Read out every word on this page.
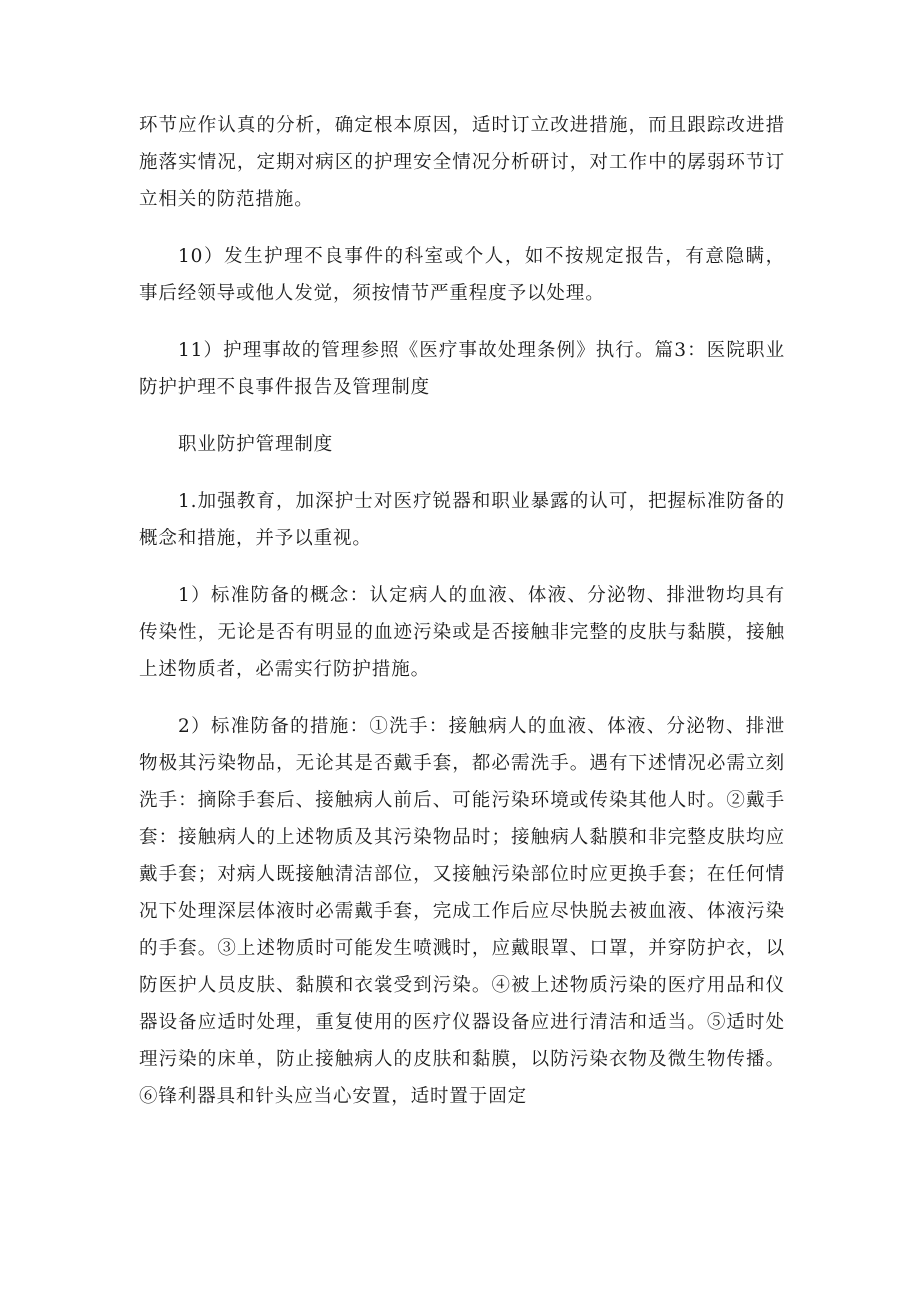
环节应作认真的分析，确定根本原因，适时订立改进措施，而且跟踪改进措施落实情况，定期对病区的护理安全情况分析研讨，对工作中的孱弱环节订立相关的防范措施。

10）发生护理不良事件的科室或个人，如不按规定报告，有意隐瞒，事后经领导或他人发觉，须按情节严重程度予以处理。

11）护理事故的管理参照《医疗事故处理条例》执行。篇3：医院职业防护护理不良事件报告及管理制度

职业防护管理制度

1.加强教育，加深护士对医疗锐器和职业暴露的认可，把握标准防备的概念和措施，并予以重视。

1）标准防备的概念：认定病人的血液、体液、分泌物、排泄物均具有传染性，无论是否有明显的血迹污染或是否接触非完整的皮肤与黏膜，接触上述物质者，必需实行防护措施。

2）标准防备的措施：①洗手：接触病人的血液、体液、分泌物、排泄物极其污染物品，无论其是否戴手套，都必需洗手。遇有下述情况必需立刻洗手：摘除手套后、接触病人前后、可能污染环境或传染其他人时。②戴手套：接触病人的上述物质及其污染物品时；接触病人黏膜和非完整皮肤均应戴手套；对病人既接触清洁部位，又接触污染部位时应更换手套；在任何情况下处理深层体液时必需戴手套，完成工作后应尽快脱去被血液、体液污染的手套。③上述物质时可能发生喷溅时，应戴眼罩、口罩，并穿防护衣，以防医护人员皮肤、黏膜和衣裳受到污染。④被上述物质污染的医疗用品和仪器设备应适时处理，重复使用的医疗仪器设备应进行清洁和适当。⑤适时处理污染的床单，防止接触病人的皮肤和黏膜，以防污染衣物及微生物传播。⑥锋利器具和针头应当心安置，适时置于固定
